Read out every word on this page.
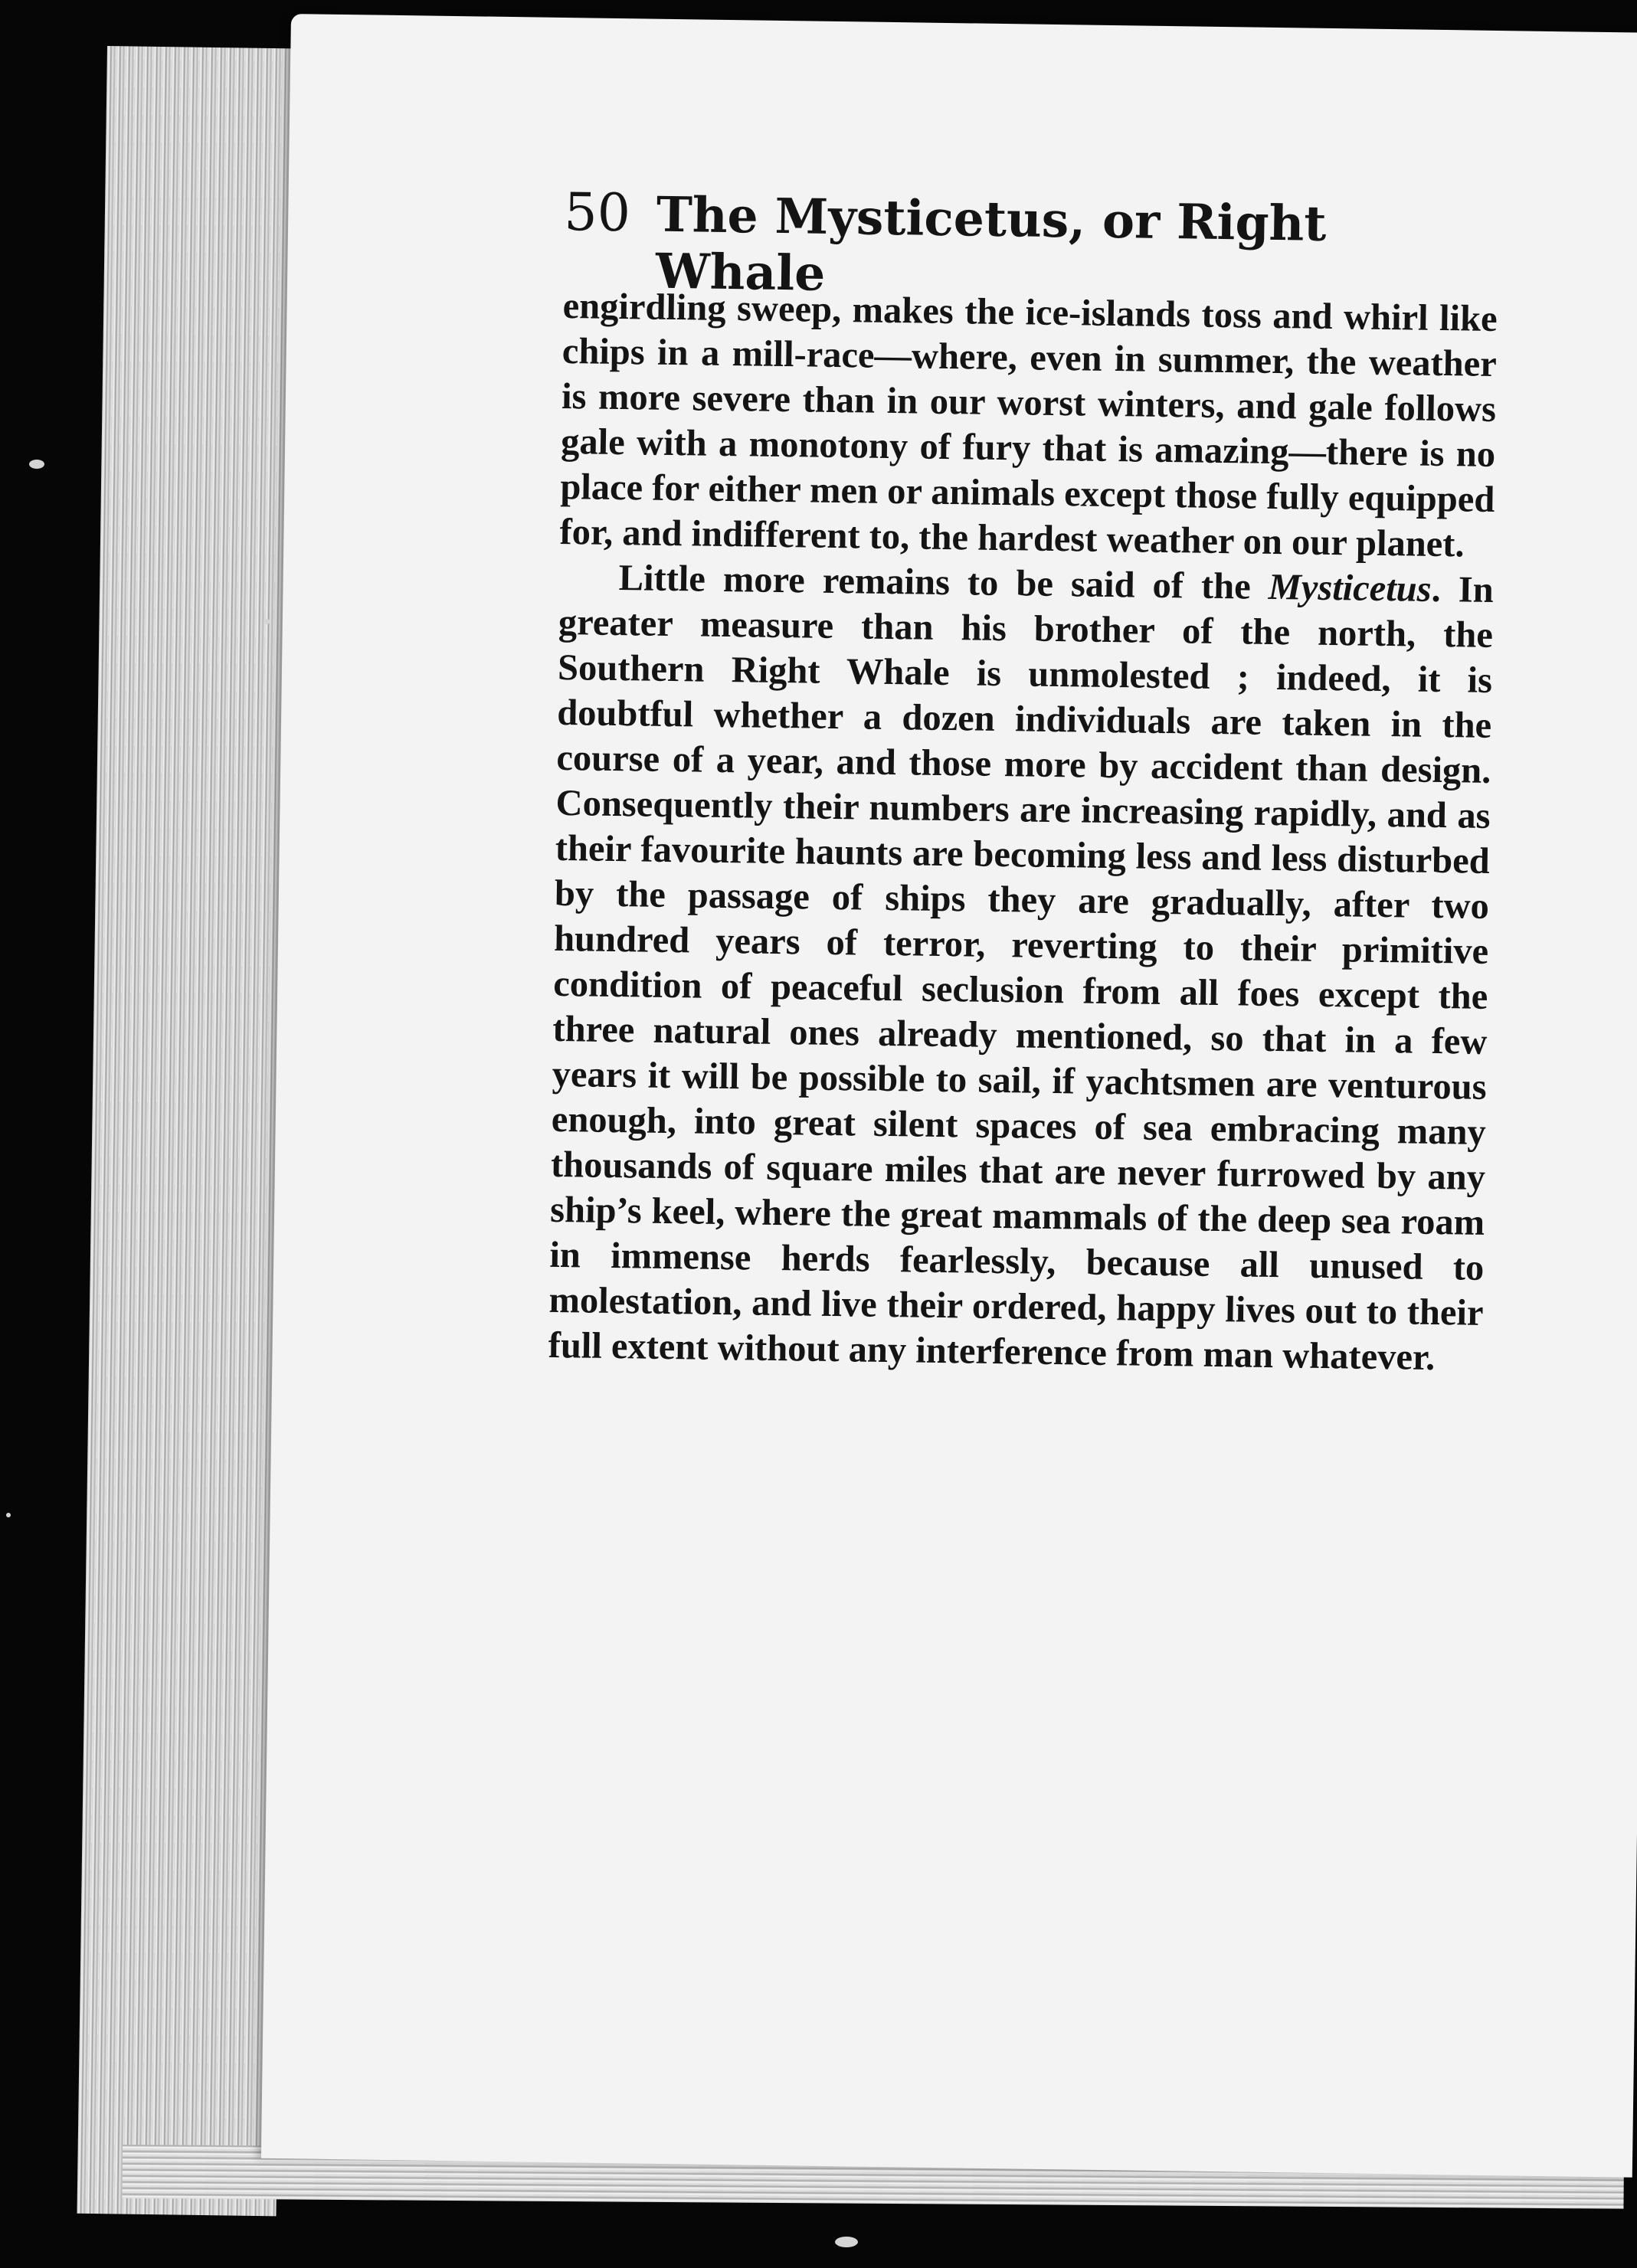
50 The Mysticetus, or Right Whale

engirdling sweep, makes the ice-islands toss and whirl like chips in a mill-race—where, even in summer, the weather is more severe than in our worst winters, and gale follows gale with a monotony of fury that is amazing—there is no place for either men or animals except those fully equipped for, and indifferent to, the hardest weather on our planet.

Little more remains to be said of the Mysticetus. In greater measure than his brother of the north, the Southern Right Whale is unmolested ; indeed, it is doubtful whether a dozen individuals are taken in the course of a year, and those more by accident than design. Consequently their numbers are increasing rapidly, and as their favourite haunts are becoming less and less disturbed by the passage of ships they are gradually, after two hundred years of terror, reverting to their primitive condition of peaceful seclusion from all foes except the three natural ones already mentioned, so that in a few years it will be possible to sail, if yachtsmen are venturous enough, into great silent spaces of sea embracing many thousands of square miles that are never furrowed by any ship’s keel, where the great mammals of the deep sea roam in immense herds fearlessly, because all unused to molestation, and live their ordered, happy lives out to their full extent without any interference from man whatever.
